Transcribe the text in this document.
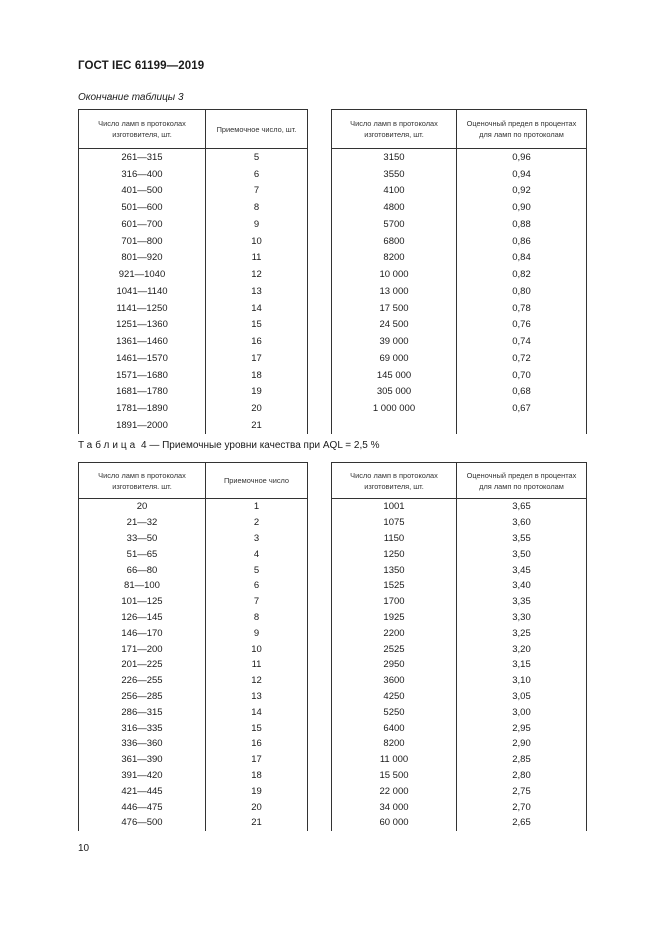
ГОСТ IEC 61199—2019
Окончание таблицы 3
Число ламп в протоколах изготовителя, шт.	Приемочное число, шт.		Число ламп в протоколах изготовителя, шт.	Оценочный предел в процентах для ламп по протоколам
261—315	5		3150	0,96
316—400	6		3550	0,94
401—500	7		4100	0,92
501—600	8		4800	0,90
601—700	9		5700	0,88
701—800	10		6800	0,86
801—920	11		8200	0,84
921—1040	12		10 000	0,82
1041—1140	13		13 000	0,80
1141—1250	14		17 500	0,78
1251—1360	15		24 500	0,76
1361—1460	16		39 000	0,74
1461—1570	17		69 000	0,72
1571—1680	18		145 000	0,70
1681—1780	19		305 000	0,68
1781—1890	20		1 000 000	0,67
1891—2000	21			
Таблица 4 — Приемочные уровни качества при AQL = 2,5 %
Число ламп в протоколах изготовителя. шт.	Приемочное число		Число ламп в протоколах изготовителя, шт.	Оценочный предел в процентах для ламп по протоколам
20	1		1001	3,65
21—32	2		1075	3,60
33—50	3		1150	3,55
51—65	4		1250	3,50
66—80	5		1350	3,45
81—100	6		1525	3,40
101—125	7		1700	3,35
126—145	8		1925	3,30
146—170	9		2200	3,25
171—200	10		2525	3,20
201—225	11		2950	3,15
226—255	12		3600	3,10
256—285	13		4250	3,05
286—315	14		5250	3,00
316—335	15		6400	2,95
336—360	16		8200	2,90
361—390	17		11 000	2,85
391—420	18		15 500	2,80
421—445	19		22 000	2,75
446—475	20		34 000	2,70
476—500	21		60 000	2,65
10
